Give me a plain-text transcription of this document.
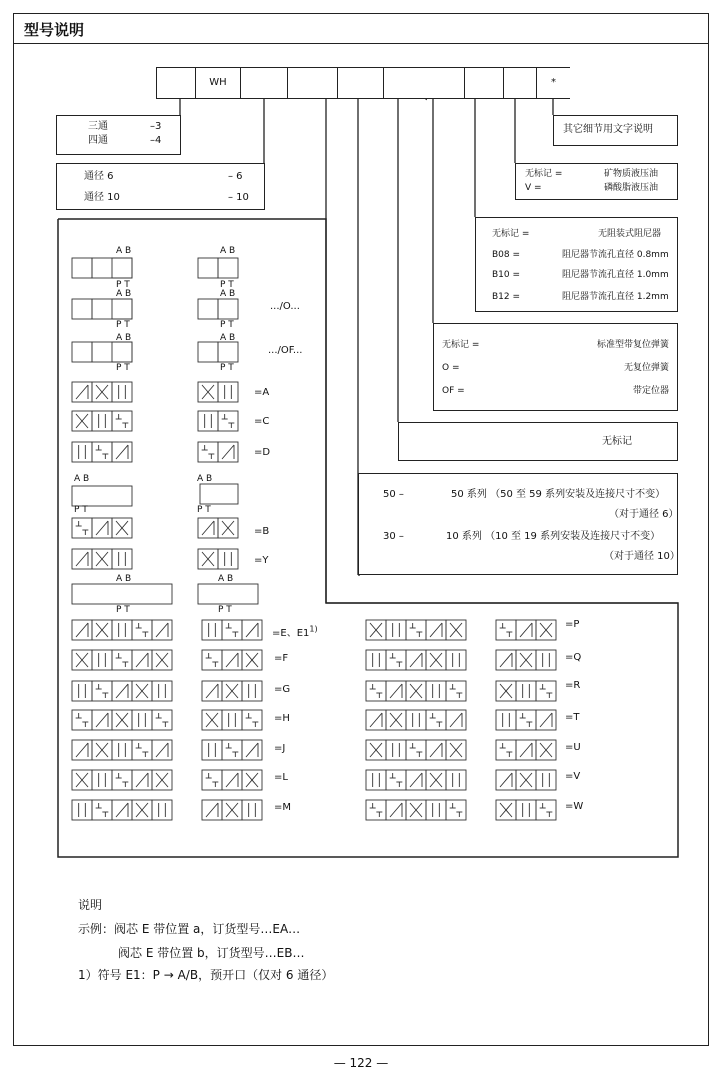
型号说明
WH	*
三通	–3
四通	–4
通径 6	– 6
通径 10	– 10
其它细节用文字说明
无标记 =	矿物质液压油
V =	磷酸脂液压油
无标记 =	无阻装式阻尼器
B08 =	阻尼器节流孔直径 0.8mm
B10 =	阻尼器节流孔直径 1.0mm
B12 =	阻尼器节流孔直径 1.2mm
无标记 =	标准型带复位弹簧
O =	无复位弹簧
OF =	带定位器
无标记
50 –	50 系列 （50 至 59 系列安装及连接尺寸不变）
（对于通径 6）
30 –	10 系列 （10 至 19 系列安装及连接尺寸不变）
（对于通径 10）
A B
P T
A B
P T
A B
P T
A B
P T
A B
P T
A B
P T
A B
P T
A B
P T
A B
P T
A B
P T
.../O...
.../OF...
=A
=C
=D
=B
=Y
=E、$E1^{1)}$
=F
=G
=H
=J
=L
=M
=P
=Q
=R
=T
=U
=V
=W
说明
示例：阀芯 E 带位置 a，订货型号…EA…
阀芯 E 带位置 b，订货型号…EB…
1）符号 E1：P → A/B，预开口（仅对 6 通径）
— 122 —
